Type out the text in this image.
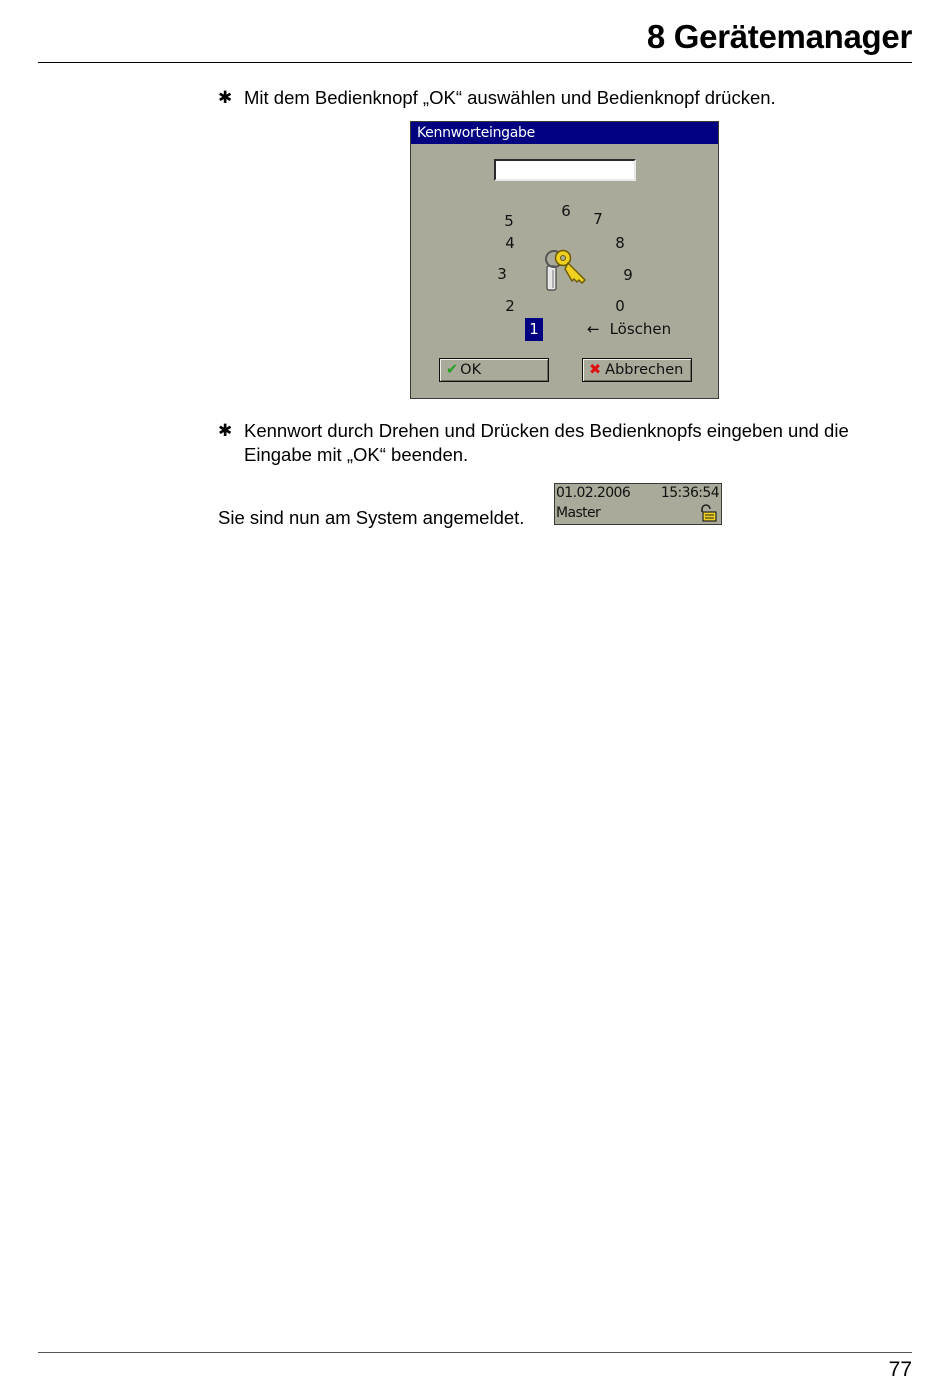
8 Gerätemanager
✱ Mit dem Bedienknopf „OK“ auswählen und Bedienknopf drücken.
Kennworteingabe
5
6 7
4	8
3	9
2	0
1	← Löschen
✔ OK	✖ Abbrechen
✱ Kennwort durch Drehen und Drücken des Bedienknopfs eingeben und die Eingabe mit „OK“ beenden.
Sie sind nun am System angemeldet.
01.02.2006 15:36:54
Master
77
